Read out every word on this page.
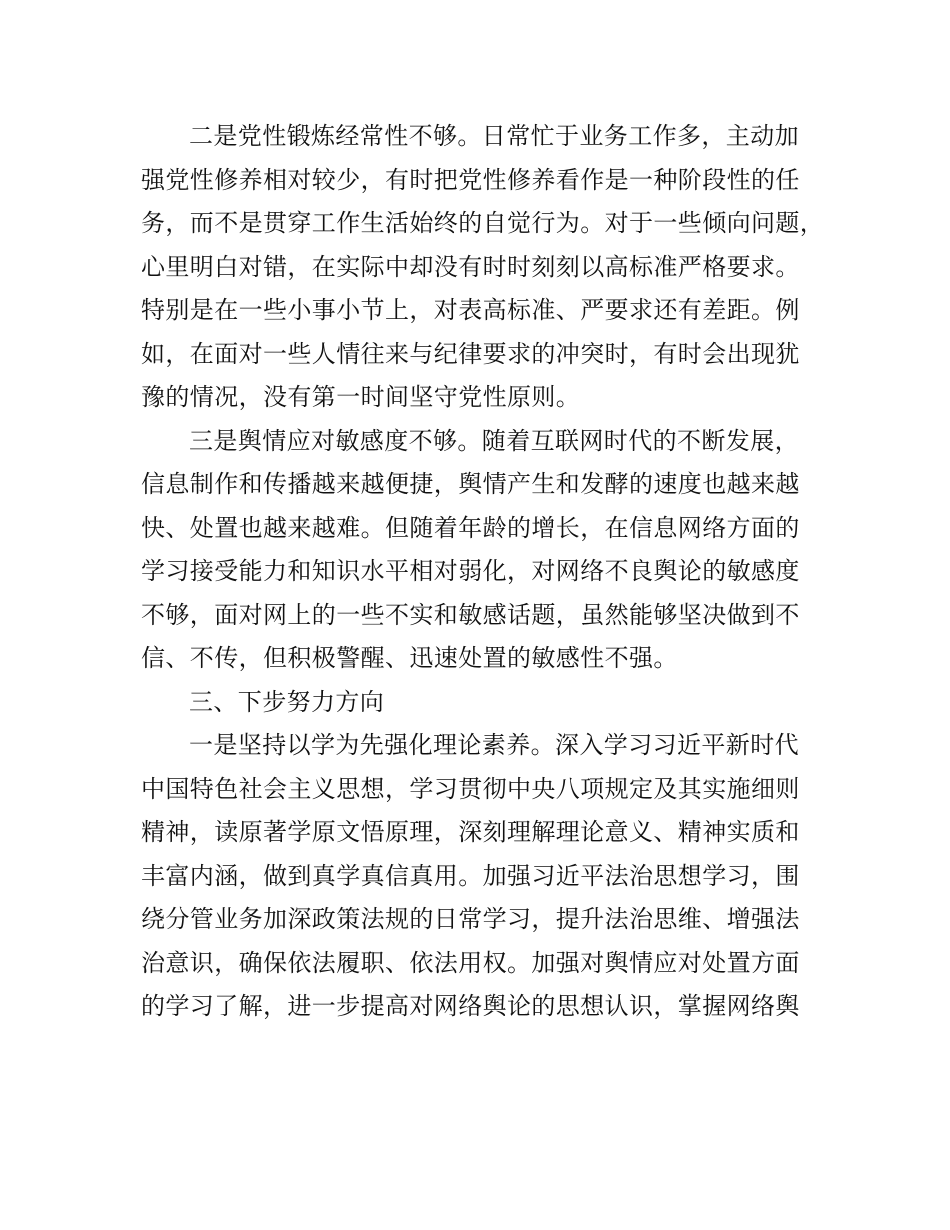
二是党性锻炼经常性不够。日常忙于业务工作多，主动加
强党性修养相对较少，有时把党性修养看作是一种阶段性的任
务，而不是贯穿工作生活始终的自觉行为。对于一些倾向问题，
心里明白对错，在实际中却没有时时刻刻以高标准严格要求。
特别是在一些小事小节上，对表高标准、严要求还有差距。例
如，在面对一些人情往来与纪律要求的冲突时，有时会出现犹
豫的情况，没有第一时间坚守党性原则。
三是舆情应对敏感度不够。随着互联网时代的不断发展，
信息制作和传播越来越便捷，舆情产生和发酵的速度也越来越
快、处置也越来越难。但随着年龄的增长，在信息网络方面的
学习接受能力和知识水平相对弱化，对网络不良舆论的敏感度
不够，面对网上的一些不实和敏感话题，虽然能够坚决做到不
信、不传，但积极警醒、迅速处置的敏感性不强。
三、下步努力方向
一是坚持以学为先强化理论素养。深入学习习近平新时代
中国特色社会主义思想，学习贯彻中央八项规定及其实施细则
精神，读原著学原文悟原理，深刻理解理论意义、精神实质和
丰富内涵，做到真学真信真用。加强习近平法治思想学习，围
绕分管业务加深政策法规的日常学习，提升法治思维、增强法
治意识，确保依法履职、依法用权。加强对舆情应对处置方面
的学习了解，进一步提高对网络舆论的思想认识，掌握网络舆
